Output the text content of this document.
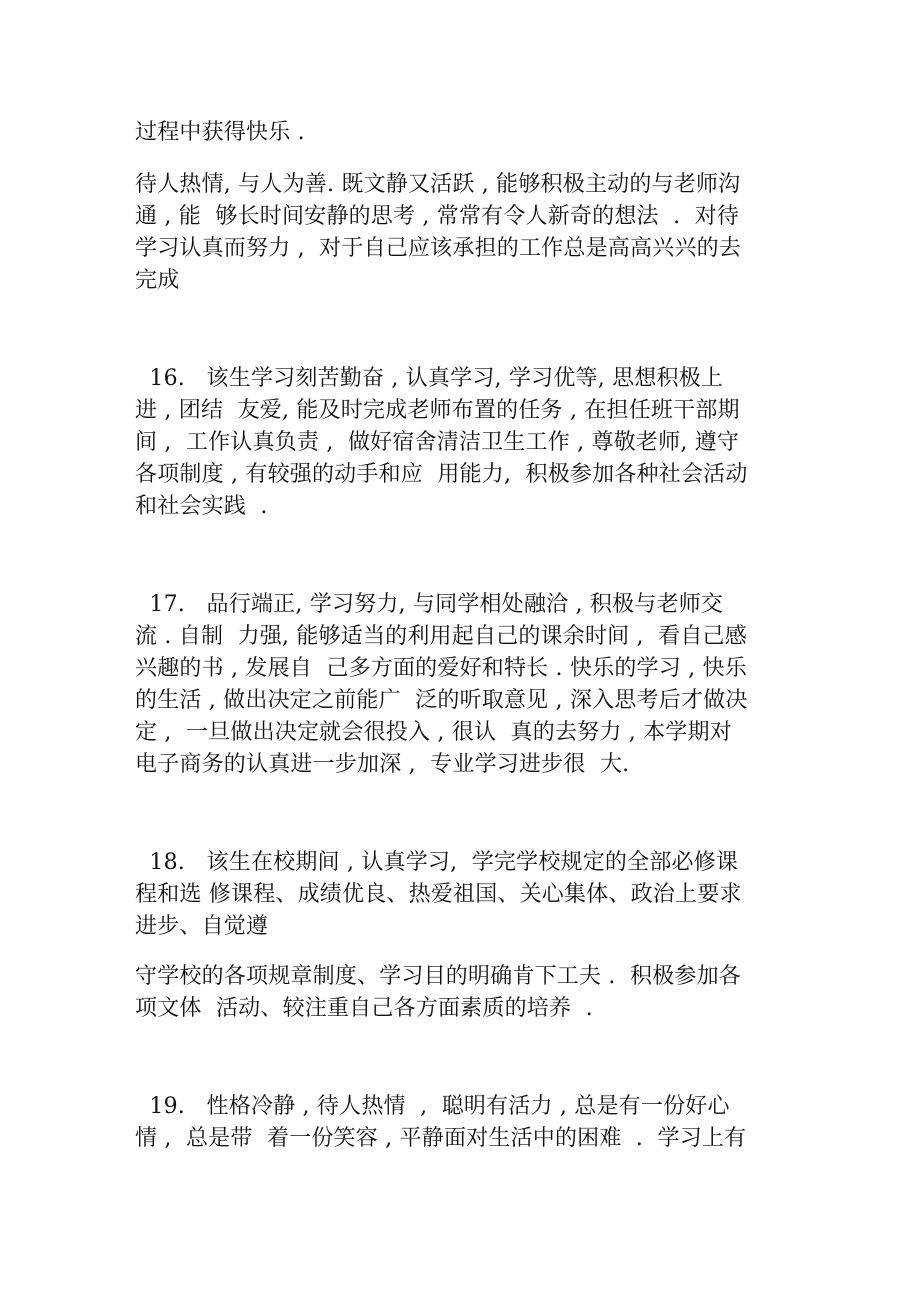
过程中获得快乐 .
待人热情, 与人为善. 既文静又活跃 , 能够积极主动的与老师沟
通 , 能  够长时间安静的思考 , 常常有令人新奇的想法  .  对待
学习认真而努力 ,  对于自己应该承担的工作总是高高兴兴的去
完成
16.   该生学习刻苦勤奋 , 认真学习, 学习优等, 思想积极上
进 , 团结  友爱, 能及时完成老师布置的任务 , 在担任班干部期
间 ,  工作认真负责 ,  做好宿舍清洁卫生工作 , 尊敬老师, 遵守
各项制度 , 有较强的动手和应  用能力,  积极参加各种社会活动
和社会实践  .
17.   品行端正, 学习努力, 与同学相处融洽 , 积极与老师交
流 . 自制  力强, 能够适当的利用起自己的课余时间 ,  看自己感
兴趣的书 , 发展自  己多方面的爱好和特长 . 快乐的学习 , 快乐
的生活 , 做出决定之前能广  泛的听取意见 , 深入思考后才做决
定 ,  一旦做出决定就会很投入 , 很认  真的去努力 , 本学期对
电子商务的认真进一步加深 ,  专业学习进步很  大.
18.   该生在校期间 , 认真学习,  学完学校规定的全部必修课
程和选 修课程、成绩优良、热爱祖国、关心集体、政治上要求
进步、自觉遵
守学校的各项规章制度、学习目的明确肯下工夫 .  积极参加各
项文体  活动、较注重自己各方面素质的培养  .
19.   性格冷静 , 待人热情  ,  聪明有活力 , 总是有一份好心
情 ,  总是带  着一份笑容 , 平静面对生活中的困难  .  学习上有
